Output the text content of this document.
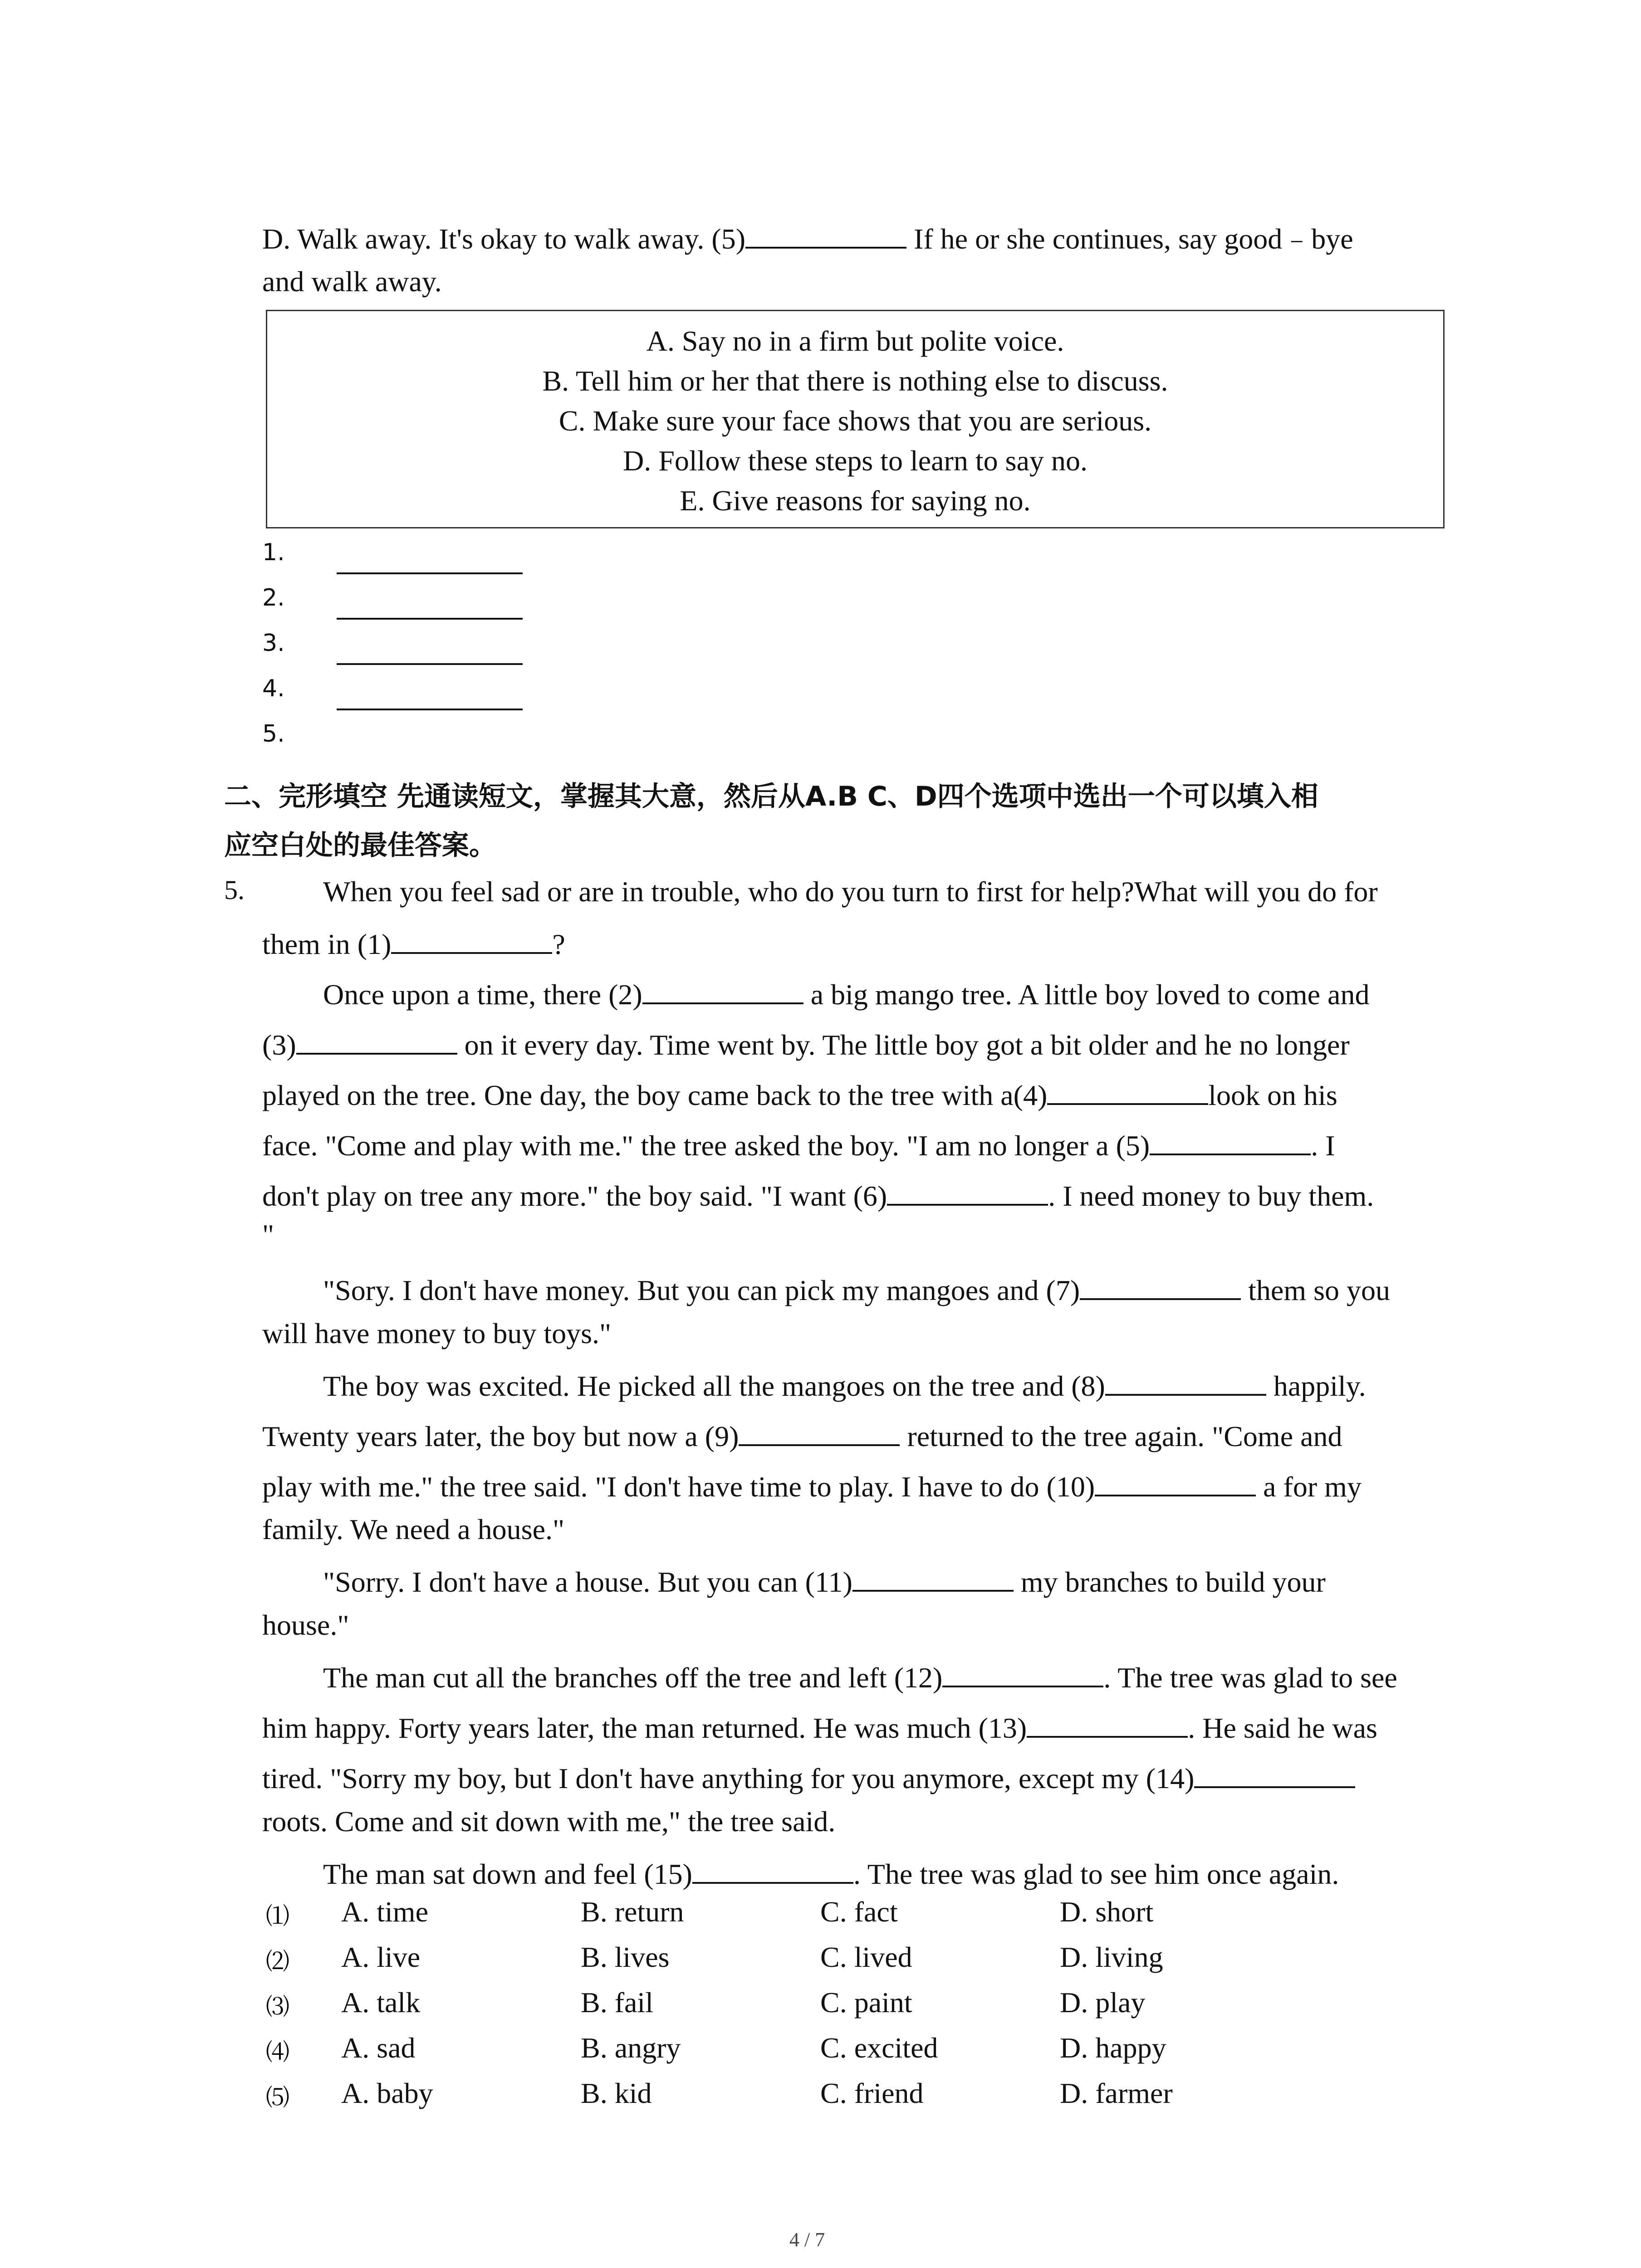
D. Walk away. It's okay to walk away. (5)	If he or she continues, say good﹣bye
and walk away.
A. Say no in a firm but polite voice.
B. Tell him or her that there is nothing else to discuss.
C. Make sure your face shows that you are serious.
D. Follow these steps to learn to say no.
E. Give reasons for saying no.
1.
2.
3.
4.
5.
二、完形填空 先通读短文，掌握其大意，然后从A.B C、D四个选项中选出一个可以填入相
应空白处的最佳答案。
5.	When you feel sad or are in trouble, who do you turn to first for help?What will you do for
them in (1)	?
Once upon a time, there (2)	a big mango tree. A little boy loved to come and
(3)	on it every day. Time went by. The little boy got a bit older and he no longer
played on the tree. One day, the boy came back to the tree with a(4)	look on his
face. "Come and play with me." the tree asked the boy. "I am no longer a (5)	. I
don't play on tree any more." the boy said. "I want (6)	. I need money to buy them.
"
"Sory. I don't have money. But you can pick my mangoes and (7)	them so you
will have money to buy toys."
The boy was excited. He picked all the mangoes on the tree and (8)	happily.
Twenty years later, the boy but now a (9)	returned to the tree again. "Come and
play with me." the tree said. "I don't have time to play. I have to do (10)	a for my
family. We need a house."
"Sorry. I don't have a house. But you can (11)	my branches to build your
house."
The man cut all the branches off the tree and left (12)	. The tree was glad to see
him happy. Forty years later, the man returned. He was much (13)	. He said he was
tired. "Sorry my boy, but I don't have anything for you anymore, except my (14)
roots. Come and sit down with me," the tree said.
The man sat down and feel (15)	. The tree was glad to see him once again.
⑴ A. time	B. return	C. fact	D. short
⑵ A. live	B. lives	C. lived	D. living
⑶ A. talk	B. fail	C. paint	D. play
⑷ A. sad	B. angry	C. excited	D. happy
⑸ A. baby	B. kid	C. friend	D. farmer
4 / 7
